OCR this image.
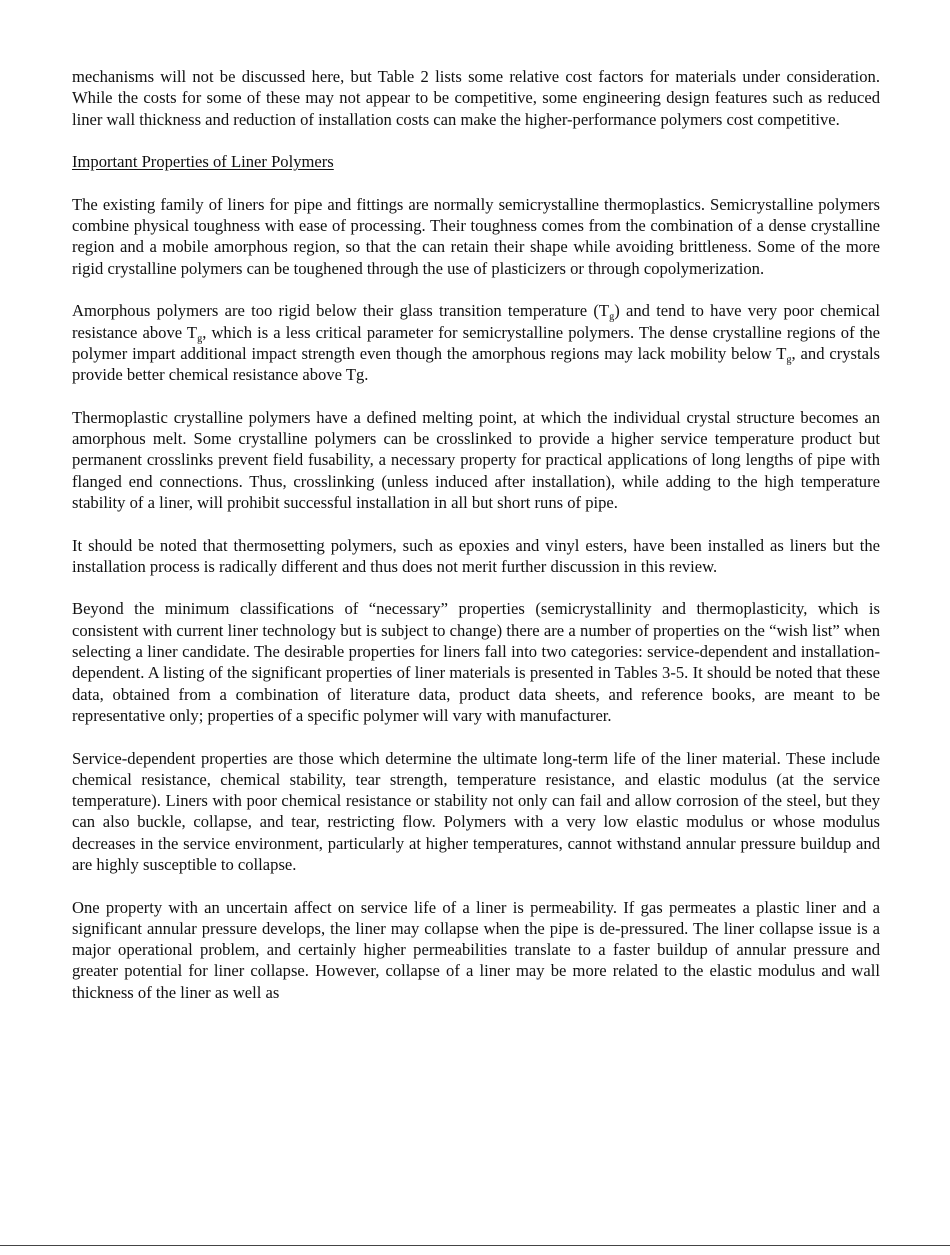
mechanisms will not be discussed here, but Table 2 lists some relative cost factors for materials under consideration. While the costs for some of these may not appear to be competitive, some engineering design features such as reduced liner wall thickness and reduction of installation costs can make the higher-performance polymers cost competitive.

Important Properties of Liner Polymers

The existing family of liners for pipe and fittings are normally semicrystalline thermoplastics. Semicrystalline polymers combine physical toughness with ease of processing. Their toughness comes from the combination of a dense crystalline region and a mobile amorphous region, so that the can retain their shape while avoiding brittleness. Some of the more rigid crystalline polymers can be toughened through the use of plasticizers or through copolymerization.

Amorphous polymers are too rigid below their glass transition temperature $(T_g)$ and tend to have very poor chemical resistance above $T_g$, which is a less critical parameter for semicrystalline polymers. The dense crystalline regions of the polymer impart additional impact strength even though the amorphous regions may lack mobility below $T_g$, and crystals provide better chemical resistance above Tg.

Thermoplastic crystalline polymers have a defined melting point, at which the individual crystal structure becomes an amorphous melt. Some crystalline polymers can be crosslinked to provide a higher service temperature product but permanent crosslinks prevent field fusability, a necessary property for practical applications of long lengths of pipe with flanged end connections. Thus, crosslinking (unless induced after installation), while adding to the high temperature stability of a liner, will prohibit successful installation in all but short runs of pipe.

It should be noted that thermosetting polymers, such as epoxies and vinyl esters, have been installed as liners but the installation process is radically different and thus does not merit further discussion in this review.

Beyond the minimum classifications of “necessary” properties (semicrystallinity and thermoplasticity, which is consistent with current liner technology but is subject to change) there are a number of properties on the “wish list” when selecting a liner candidate. The desirable properties for liners fall into two categories: service-dependent and installation-dependent. A listing of the significant properties of liner materials is presented in Tables 3-5. It should be noted that these data, obtained from a combination of literature data, product data sheets, and reference books, are meant to be representative only; properties of a specific polymer will vary with manufacturer.

Service-dependent properties are those which determine the ultimate long-term life of the liner material. These include chemical resistance, chemical stability, tear strength, temperature resistance, and elastic modulus (at the service temperature). Liners with poor chemical resistance or stability not only can fail and allow corrosion of the steel, but they can also buckle, collapse, and tear, restricting flow. Polymers with a very low elastic modulus or whose modulus decreases in the service environment, particularly at higher temperatures, cannot withstand annular pressure buildup and are highly susceptible to collapse.

One property with an uncertain affect on service life of a liner is permeability. If gas permeates a plastic liner and a significant annular pressure develops, the liner may collapse when the pipe is de-pressured. The liner collapse issue is a major operational problem, and certainly higher permeabilities translate to a faster buildup of annular pressure and greater potential for liner collapse. However, collapse of a liner may be more related to the elastic modulus and wall thickness of the liner as well as
